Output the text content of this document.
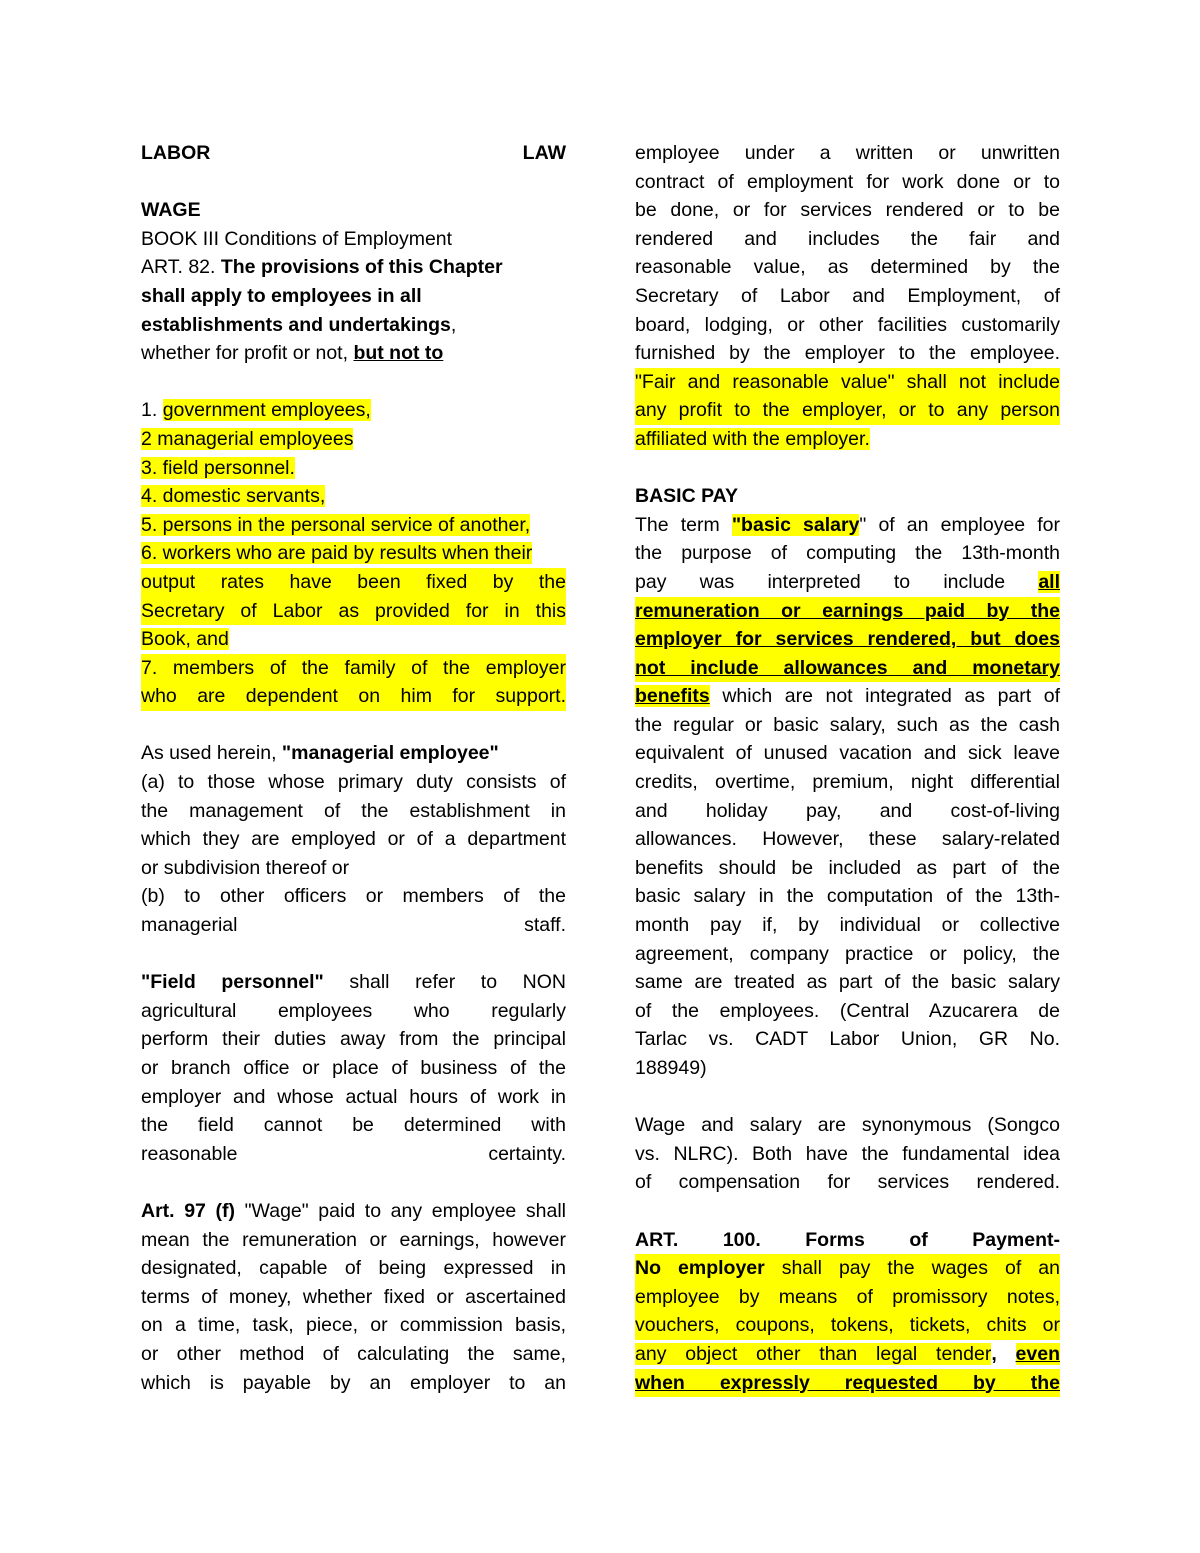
LABOR	LAW
WAGE
BOOK III Conditions of Employment
ART. 82. The provisions of this Chapter
shall apply to employees in all
establishments and undertakings,
whether for profit or not, but not to
1. government employees,
2 managerial employees
3. field personnel.
4. domestic servants,
5. persons in the personal service of another,
6. workers who are paid by results when their
output rates have been fixed by the
Secretary of Labor as provided for in this
Book, and
7. members of the family of the employer
who are dependent on him for support.
As used herein, "managerial employee"
(a) to those whose primary duty consists of
the management of the establishment in
which they are employed or of a department
or subdivision thereof or
(b) to other officers or members of the
managerial	staff.
"Field personnel" shall refer to NON
agricultural employees who regularly
perform their duties away from the principal
or branch office or place of business of the
employer and whose actual hours of work in
the field cannot be determined with
reasonable	certainty.
Art. 97 (f) "Wage" paid to any employee shall
mean the remuneration or earnings, however
designated, capable of being expressed in
terms of money, whether fixed or ascertained
on a time, task, piece, or commission basis,
or other method of calculating the same,
which is payable by an employer to an
employee under a written or unwritten
contract of employment for work done or to
be done, or for services rendered or to be
rendered and includes the fair and
reasonable value, as determined by the
Secretary of Labor and Employment, of
board, lodging, or other facilities customarily
furnished by the employer to the employee.
"Fair and reasonable value" shall not include
any profit to the employer, or to any person
affiliated with the employer.
BASIC PAY
The term "basic salary" of an employee for
the purpose of computing the 13th-month
pay was interpreted to include all
remuneration or earnings paid by the
employer for services rendered, but does
not include allowances and monetary
benefits which are not integrated as part of
the regular or basic salary, such as the cash
equivalent of unused vacation and sick leave
credits, overtime, premium, night differential
and holiday pay, and cost-of-living
allowances. However, these salary-related
benefits should be included as part of the
basic salary in the computation of the 13th-
month pay if, by individual or collective
agreement, company practice or policy, the
same are treated as part of the basic salary
of the employees. (Central Azucarera de
Tarlac vs. CADT Labor Union, GR No.
188949)
Wage and salary are synonymous (Songco
vs. NLRC). Both have the fundamental idea
of compensation for services rendered.
ART. 100. Forms of Payment-
No employer shall pay the wages of an
employee by means of promissory notes,
vouchers, coupons, tokens, tickets, chits or
any object other than legal tender, even
when expressly requested by the
